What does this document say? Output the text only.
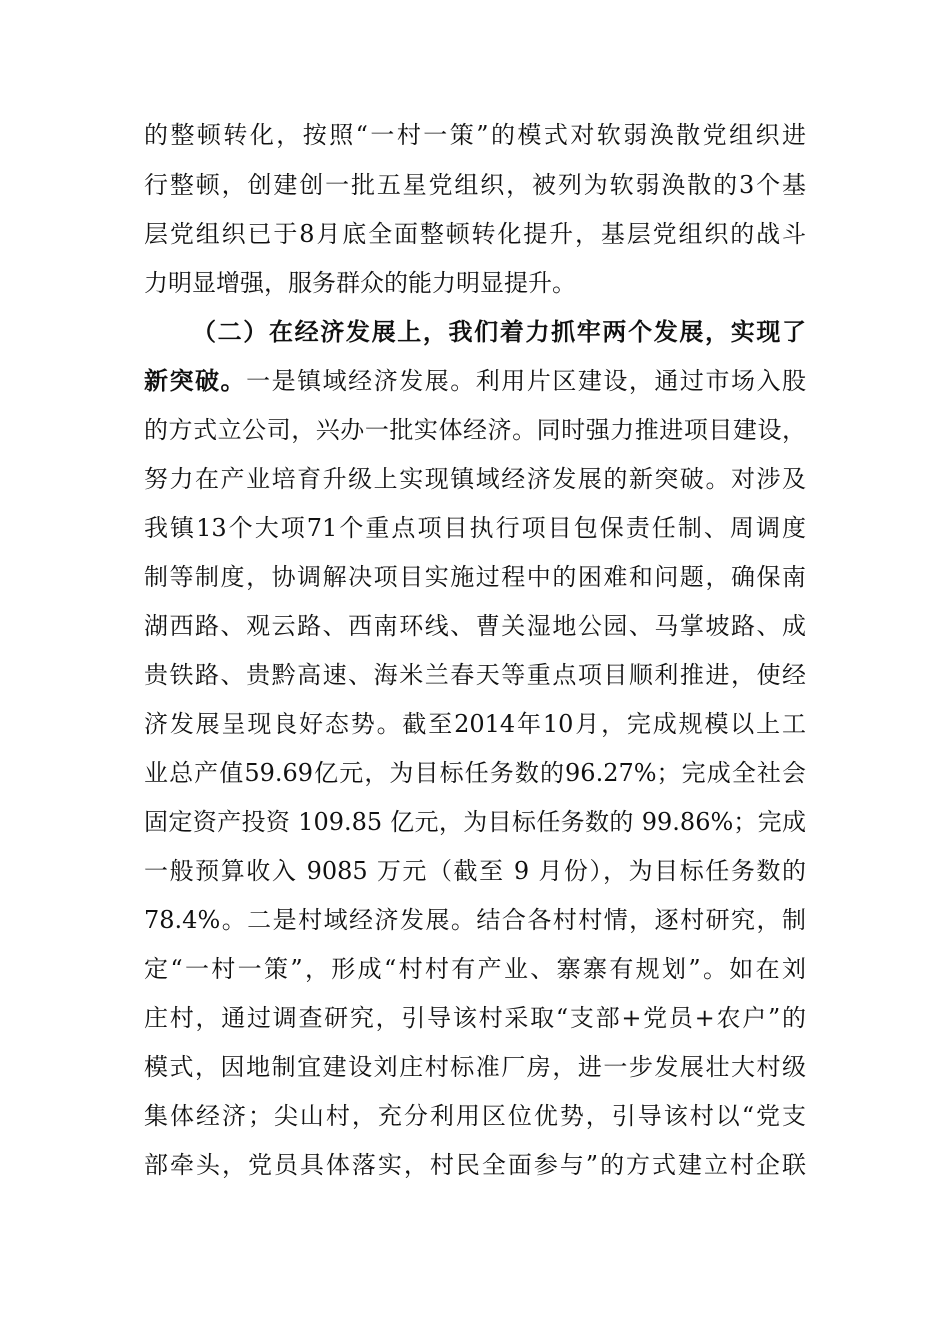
的整顿转化，按照“一村一策”的模式对软弱涣散党组织进
行整顿，创建创一批五星党组织，被列为软弱涣散的3个基
层党组织已于8月底全面整顿转化提升，基层党组织的战斗
力明显增强，服务群众的能力明显提升。
（二）在经济发展上，我们着力抓牢两个发展，实现了
新突破。一是镇域经济发展。利用片区建设，通过市场入股
的方式立公司，兴办一批实体经济。同时强力推进项目建设，
努力在产业培育升级上实现镇域经济发展的新突破。对涉及
我镇13个大项71个重点项目执行项目包保责任制、周调度
制等制度，协调解决项目实施过程中的困难和问题，确保南
湖西路、观云路、西南环线、曹关湿地公园、马掌坡路、成
贵铁路、贵黔高速、海米兰春天等重点项目顺利推进，使经
济发展呈现良好态势。截至2014年10月，完成规模以上工
业总产值59.69亿元，为目标任务数的96.27%；完成全社会
固定资产投资 109.85 亿元，为目标任务数的 99.86%；完成
一般预算收入 9085 万元（截至 9 月份），为目标任务数的
78.4%。二是村域经济发展。结合各村村情，逐村研究，制
定“一村一策”，形成“村村有产业、寨寨有规划”。如在刘
庄村，通过调查研究，引导该村采取“支部+党员+农户”的
模式，因地制宜建设刘庄村标准厂房，进一步发展壮大村级
集体经济；尖山村，充分利用区位优势，引导该村以“党支
部牵头，党员具体落实，村民全面参与”的方式建立村企联
